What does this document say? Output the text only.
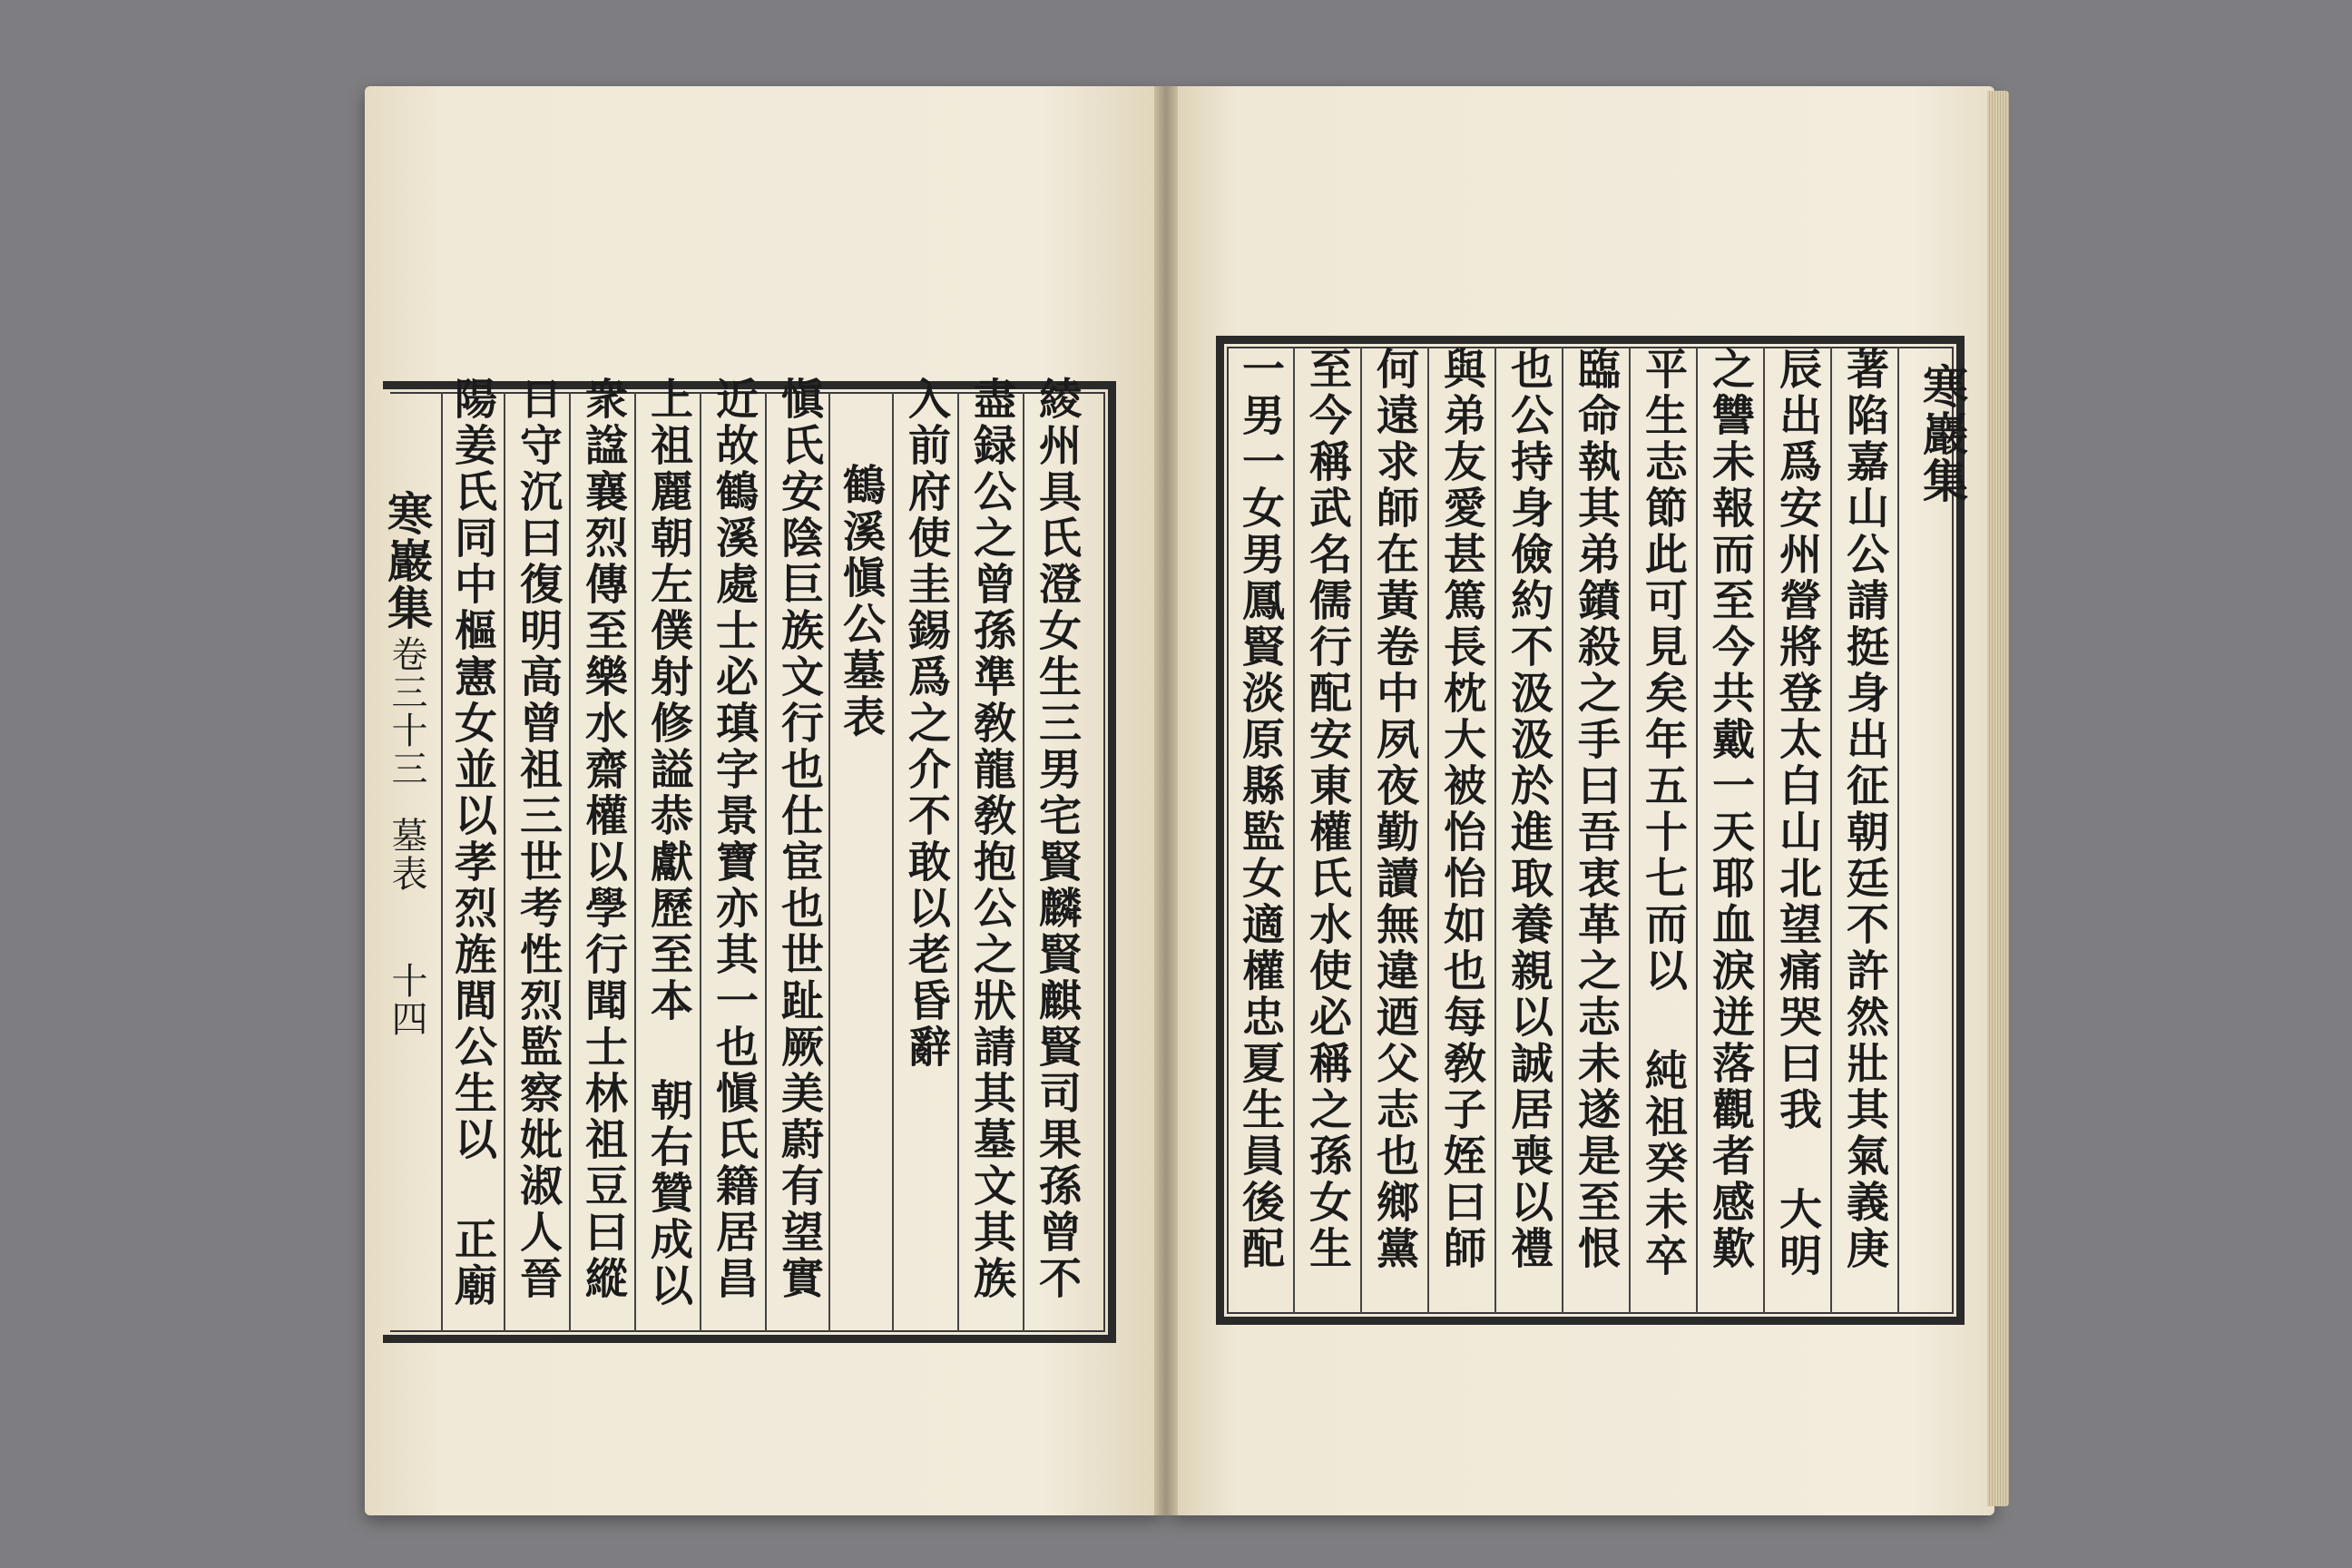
寒巖集
卷三十三
墓表
十四 陽姜氏同中樞憲女並以孝烈旌閭公生以 正廟 日守沉曰復明高曾祖三世考性烈監察妣淑人晉 衆諡襄烈傳至樂水齋權以學行聞士林祖豆曰縱 上祖麗朝左僕射修謚恭獻歷至本 朝右贊成以 近故鶴溪處士必瑱字景寶亦其一也愼氏籍居昌 愼氏安陰巨族文行也仕宦也世趾厥美蔚有望實 鶴溪愼公墓表 入前府使圭錫爲之介不敢以老昏辭 盡録公之曾孫準敎龍敎抱公之狀請其墓文其族 綾州具氏澄女生三男宅賢麟賢麒賢司果孫曾不	一男一女男鳳賢淡原縣監女適權忠夏生員後配 至今稱武名儒行配安東權氏水使必稱之孫女生 何遠求師在黃卷中夙夜勤讀無違迺父志也鄉黨 與弟友愛甚篤長枕大被怡怡如也每敎子姪曰師 也公持身儉約不汲汲於進取養親以誠居喪以禮 臨命執其弟鐼殺之手曰吾衷革之志未遂是至恨 平生志節此可見矣年五十七而以 純祖癸未卒 之讐未報而至今共戴一天耶血淚迸落觀者感歎 辰出爲安州營將登太白山北望痛哭曰我 大明 著陷嘉山公請挺身出征朝廷不許然壯其氣義庚 寒巖集
